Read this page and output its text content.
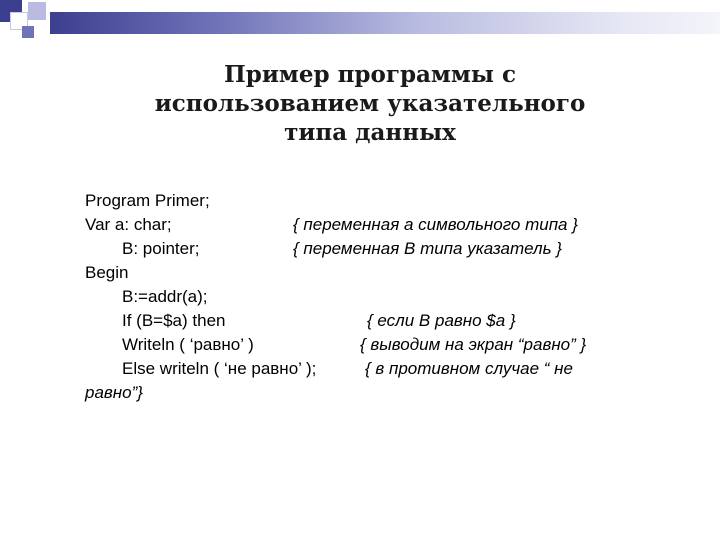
Пример программы с
использованием указательного
типа данных
Program Primer;
Var a: char;	{ переменная a символьного типа }
B: pointer;	{ переменная B типа указатель }
Begin
B:=addr(a);
If (B=$a) then	{ если B равно $a }
Writeln ( ‘равно’ )	{ выводим на экран “равно” }
Else writeln ( ‘не равно’ );	{ в противном случае “ не
равно”}
